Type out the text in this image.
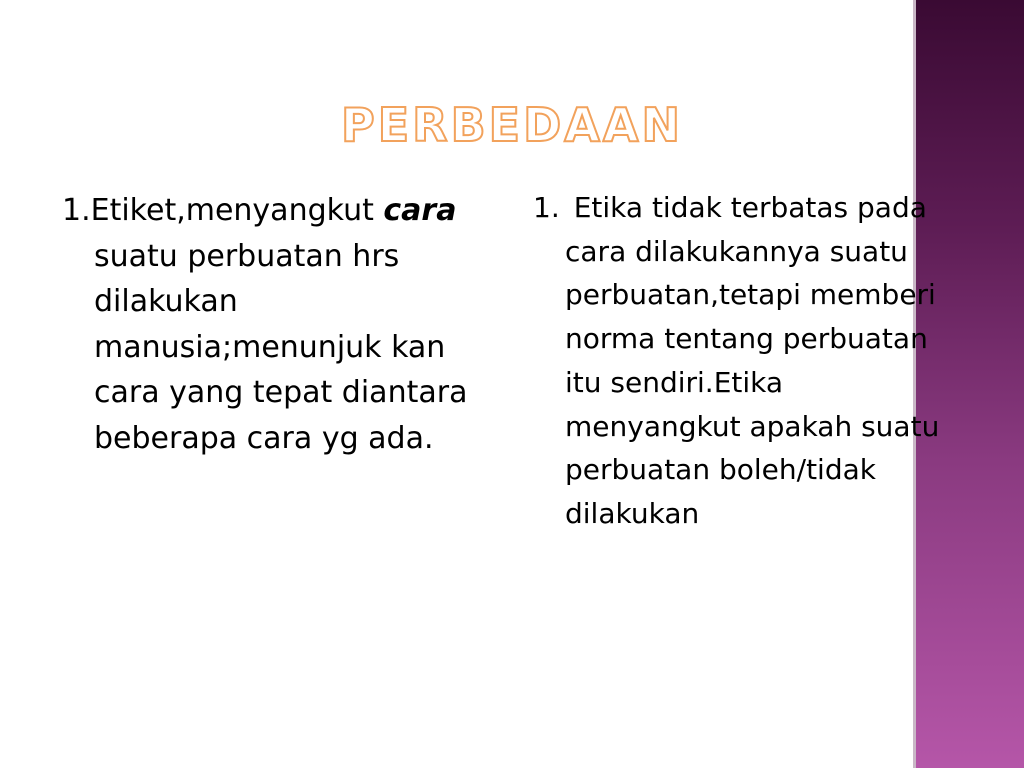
PERBEDAAN

1.Etiket,menyangkut cara suatu perbuatan hrs dilakukan manusia;menunjuk kan cara yang tepat diantara beberapa cara yg ada.

1. Etika tidak terbatas pada cara dilakukannya suatu perbuatan,tetapi memberi norma tentang perbuatan itu sendiri.Etika menyangkut apakah suatu perbuatan boleh/tidak dilakukan
